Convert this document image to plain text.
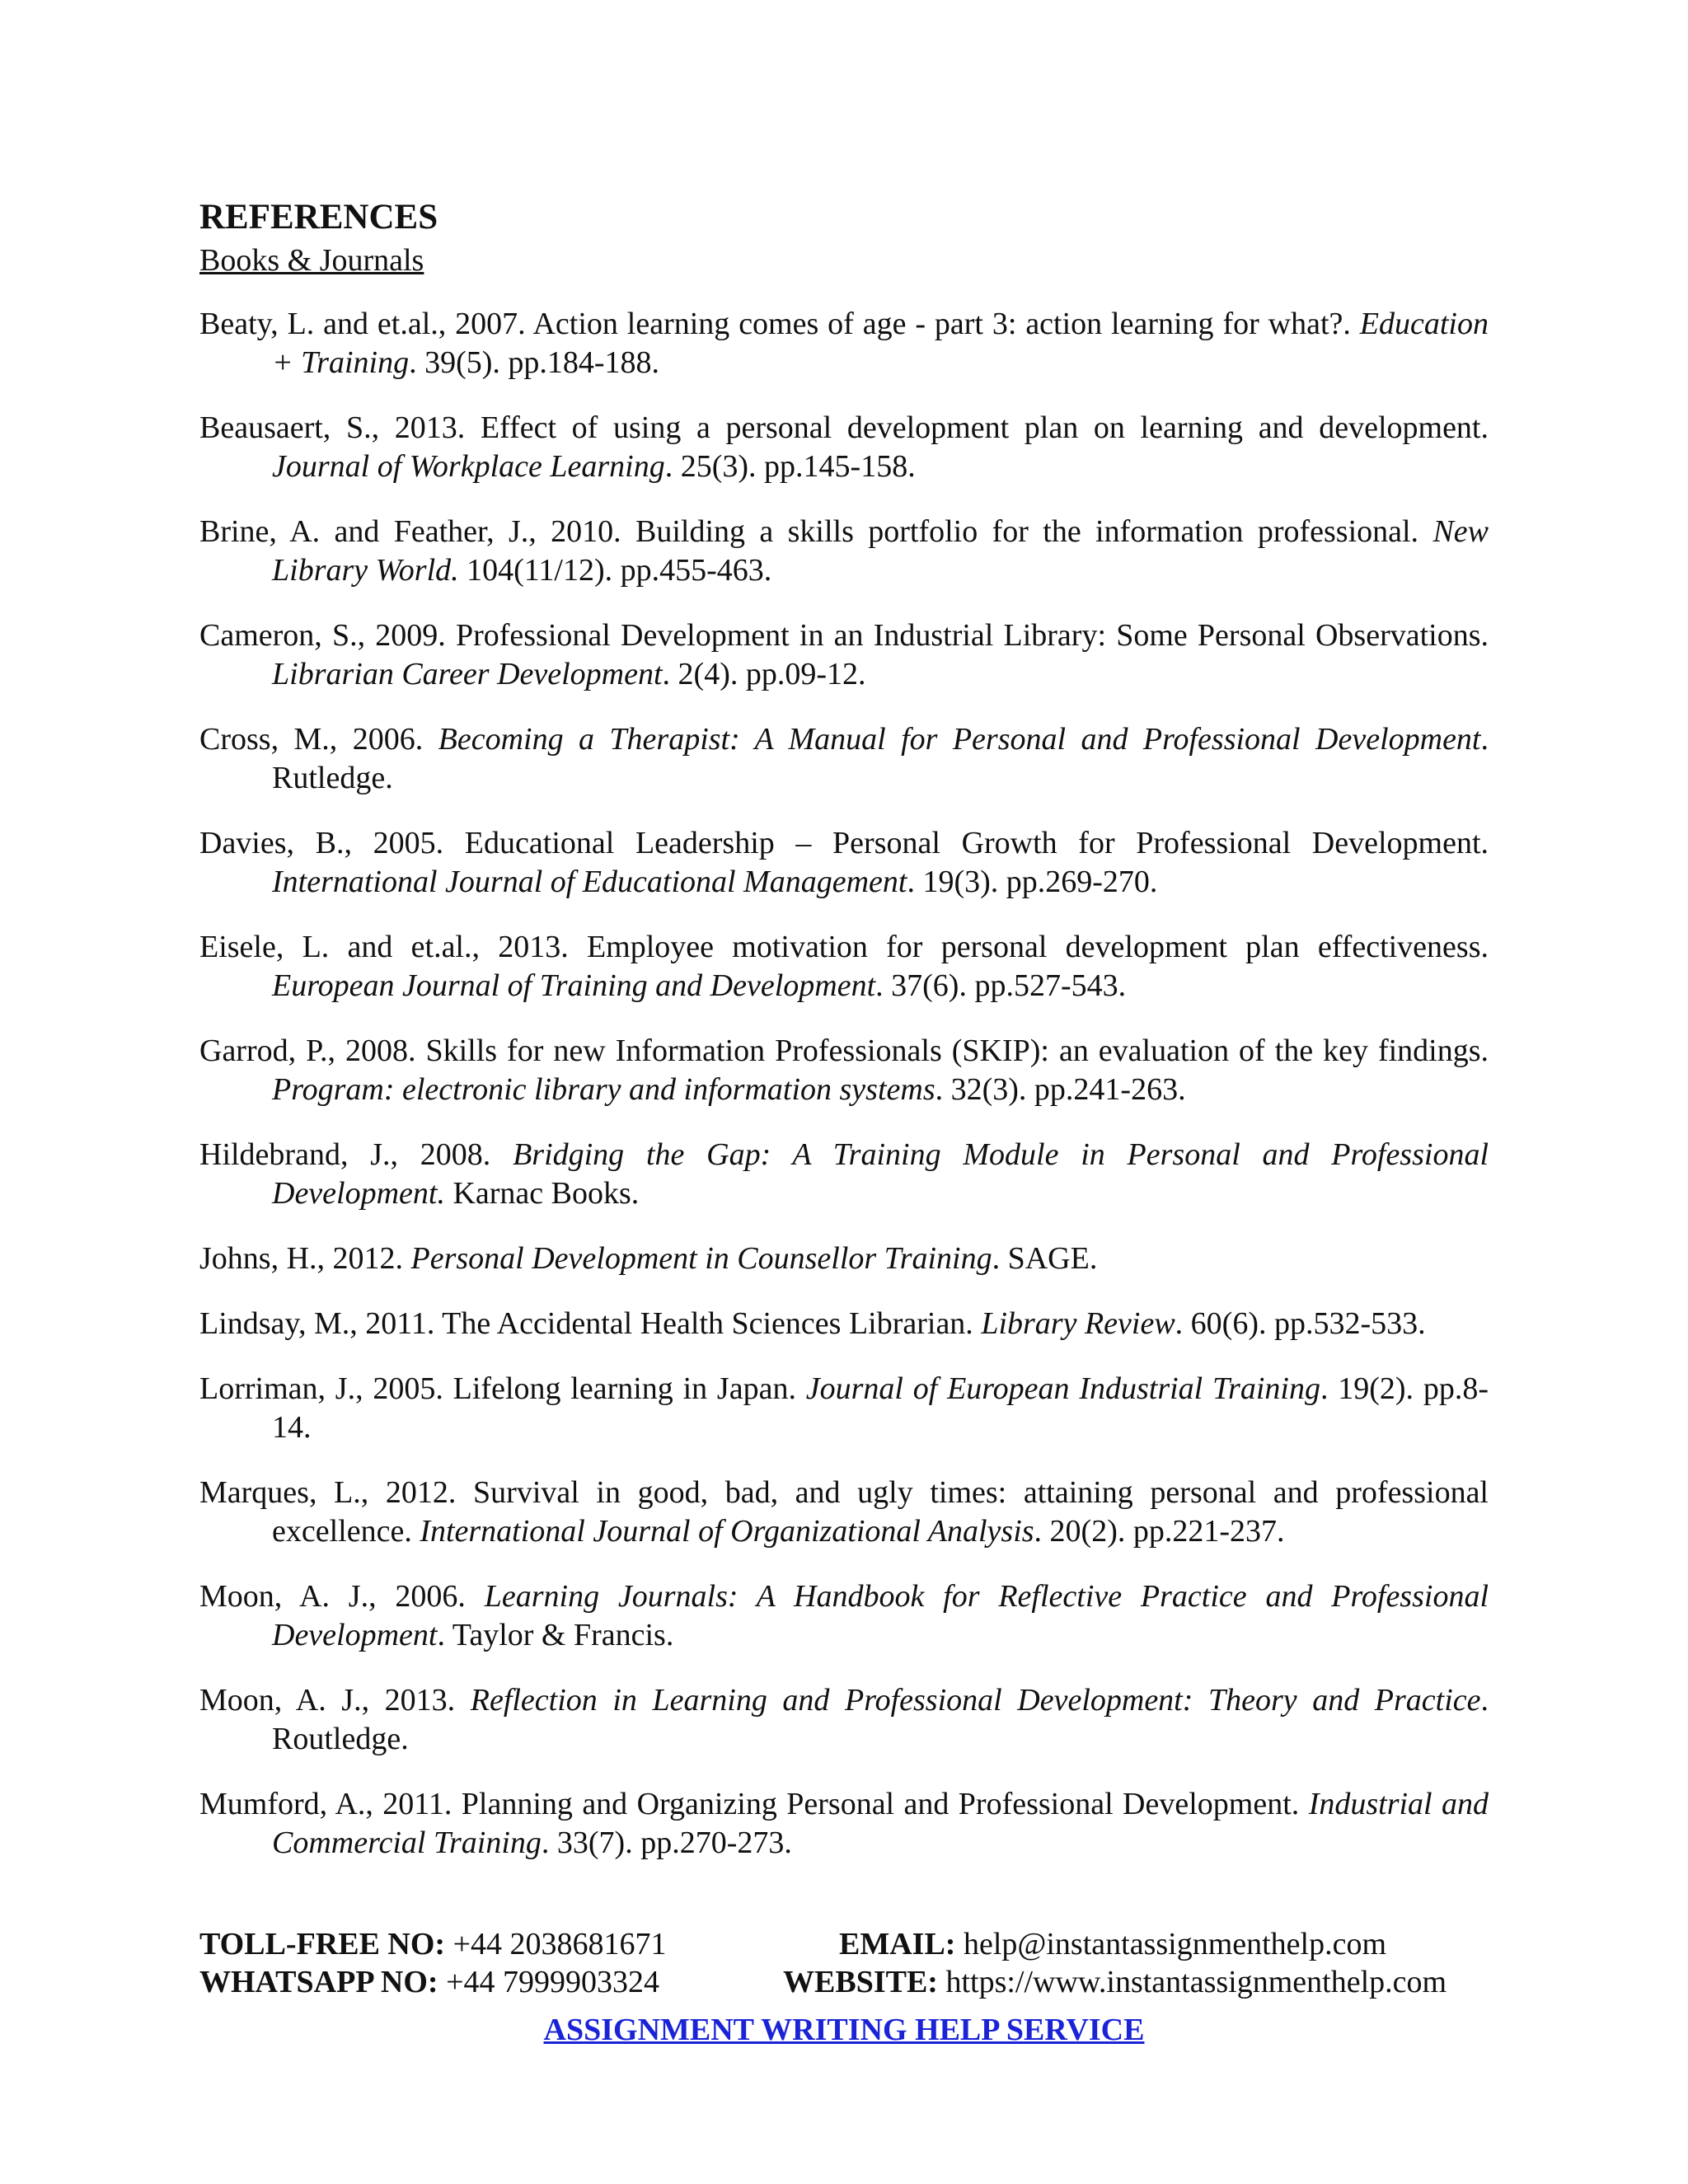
REFERENCES
Books & Journals
Beaty, L. and et.al., 2007. Action learning comes of age - part 3: action learning for what?. Education + Training. 39(5). pp.184-188.
Beausaert, S., 2013. Effect of using a personal development plan on learning and development. Journal of Workplace Learning. 25(3). pp.145-158.
Brine, A. and Feather, J., 2010. Building a skills portfolio for the information professional. New Library World. 104(11/12). pp.455-463.
Cameron, S., 2009. Professional Development in an Industrial Library: Some Personal Observations. Librarian Career Development. 2(4). pp.09-12.
Cross, M., 2006. Becoming a Therapist: A Manual for Personal and Professional Development. Rutledge.
Davies, B., 2005. Educational Leadership – Personal Growth for Professional Development. International Journal of Educational Management. 19(3). pp.269-270.
Eisele, L. and et.al., 2013. Employee motivation for personal development plan effectiveness. European Journal of Training and Development. 37(6). pp.527-543.
Garrod, P., 2008. Skills for new Information Professionals (SKIP): an evaluation of the key findings. Program: electronic library and information systems. 32(3). pp.241-263.
Hildebrand, J., 2008. Bridging the Gap: A Training Module in Personal and Professional Development. Karnac Books.
Johns, H., 2012. Personal Development in Counsellor Training. SAGE.
Lindsay, M., 2011. The Accidental Health Sciences Librarian. Library Review. 60(6). pp.532-533.
Lorriman, J., 2005. Lifelong learning in Japan. Journal of European Industrial Training. 19(2). pp.8-14.
Marques, L., 2012. Survival in good, bad, and ugly times: attaining personal and professional excellence. International Journal of Organizational Analysis. 20(2). pp.221-237.
Moon, A. J., 2006. Learning Journals: A Handbook for Reflective Practice and Professional Development. Taylor & Francis.
Moon, A. J., 2013. Reflection in Learning and Professional Development: Theory and Practice. Routledge.
Mumford, A., 2011. Planning and Organizing Personal and Professional Development. Industrial and Commercial Training. 33(7). pp.270-273.
TOLL-FREE NO: +44 2038681671	EMAIL: help@instantassignmenthelp.com
WHATSAPP NO: +44 7999903324	WEBSITE: https://www.instantassignmenthelp.com
ASSIGNMENT WRITING HELP SERVICE
